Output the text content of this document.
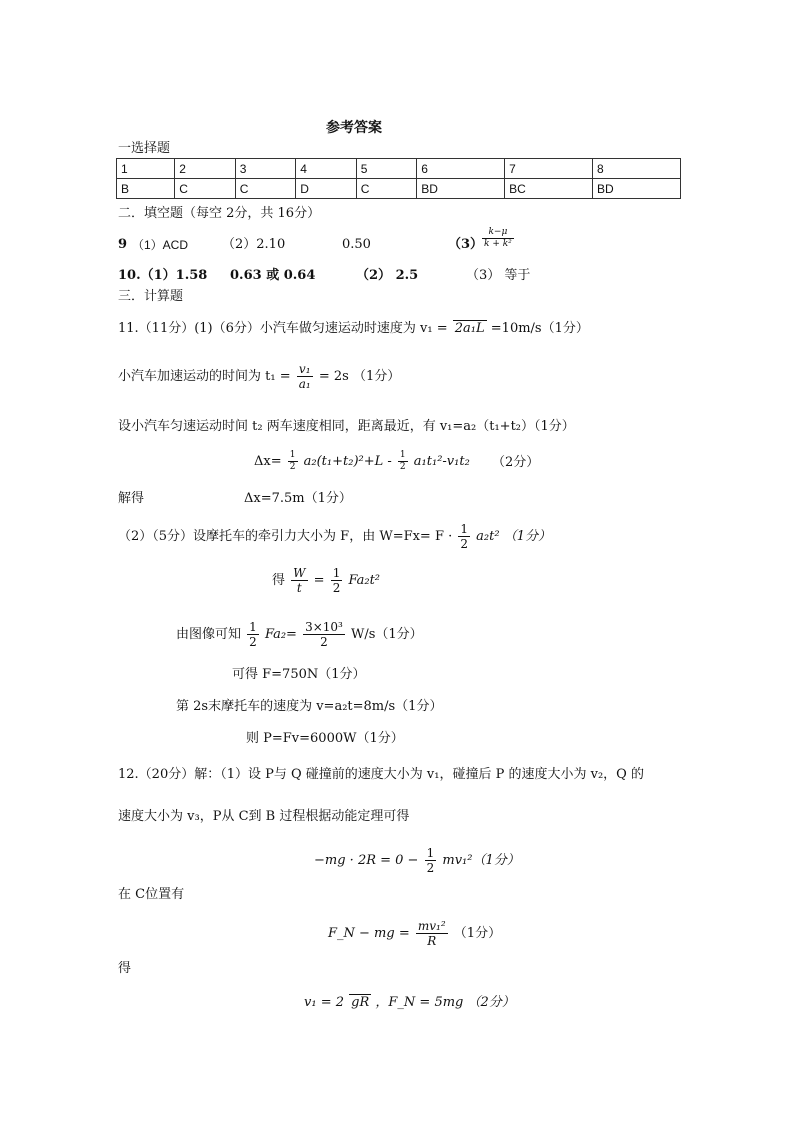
参考答案
一选择题
1	2	3	4	5	6	7	8
B	C	C	D	C	BD	BC	BD
二．填空题（每空 2分，共 16分）
9 （1）ACD	（2）2.10	0.50	（3）
$\frac{k-\mu}{\text{k + k²}}$
10.（1）1.58 0.63 或 0.64	（2） 2.5	（3） 等于
三．计算题
11.（11分）(1)（6分）小汽车做匀速运动时速度为 v₁ = 2a₁L =10m/s（1分）
小汽车加速运动的时间为 $t_1 = \frac{\text{v₁}}{\text{a₁}} = 2s$ （1分）
设小汽车匀速运动时间 t₂ 两车速度相同，距离最近，有 v₁=a₂（t₁+t₂）（1分）
$\Delta x= \frac{1}{2} a_2(t_1+t_2)^2+L - \frac{1}{2} a_1t_1^2-v_1t_2$ （2分）
解得	Δx=7.5m（1分）
（2）（5分）设摩托车的牵引力大小为 F，由 $W=Fx= F \cdot \frac{1}{2} a_2t^2$ （1分）
得 $\frac{W}{t} = \frac{1}{2} Fa_2t^2$
由图像可知 $\frac{1}{2} Fa_2= \frac{\text{3×10³}}{2} W/s(1$分）
可得 F=750N（1分）
第 2s末摩托车的速度为 v=a₂t=8m/s（1分）
则 P=Fv=6000W（1分）
12.（20分）解：（1）设 P与 Q 碰撞前的速度大小为 v₁，碰撞后 P 的速度大小为 v₂，Q 的
速度大小为 v₃，P从 C到 B 过程根据动能定理可得
$-mg \cdot 2R = 0 - \frac{1}{2} mv_1^2(1$分）
在 C位置有
F_N − mg = $\frac{\text{mv₁²}}{R} (1$分）
得
v₁ = 2 gR ，F_N = 5mg （2分）
